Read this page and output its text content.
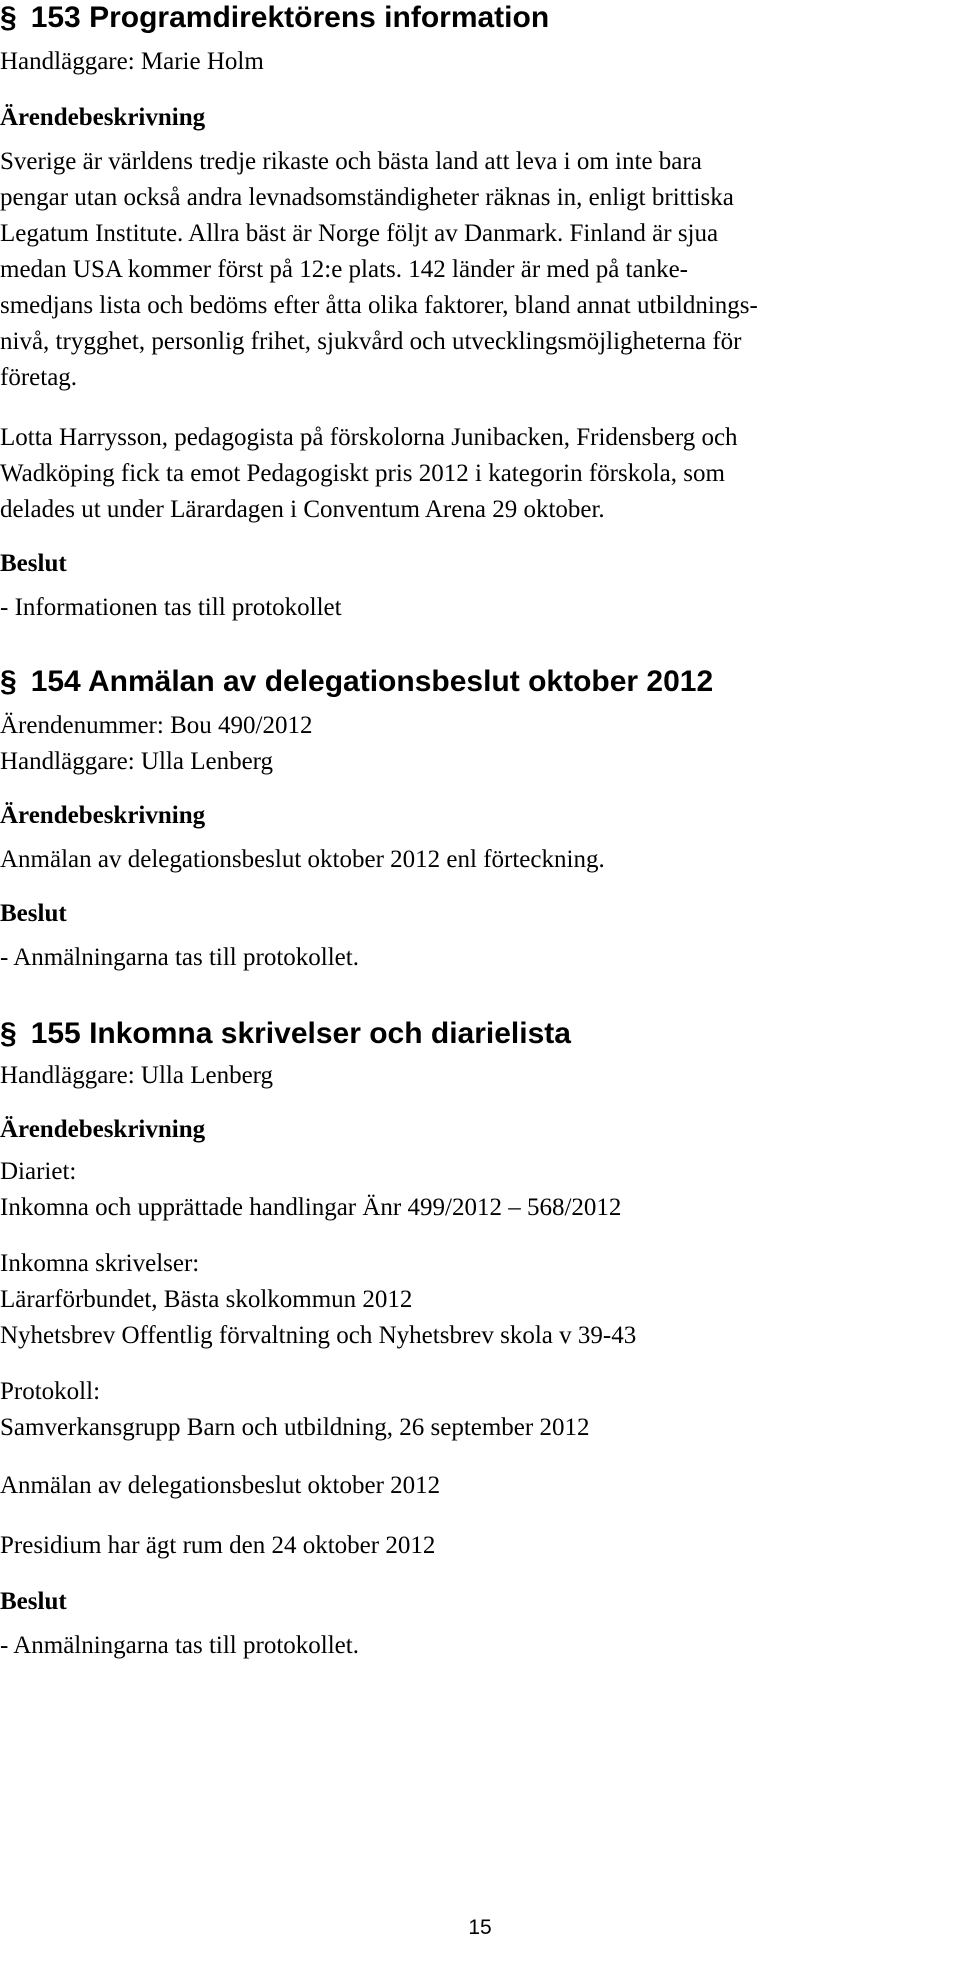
§ 153 Programdirektörens information

Handläggare: Marie Holm

Ärendebeskrivning

Sverige är världens tredje rikaste och bästa land att leva i om inte bara

pengar utan också andra levnadsomständigheter räknas in, enligt brittiska

Legatum Institute. Allra bäst är Norge följt av Danmark. Finland är sjua

medan USA kommer först på 12:e plats. 142 länder är med på tanke-

smedjans lista och bedöms efter åtta olika faktorer, bland annat utbildnings-

nivå, trygghet, personlig frihet, sjukvård och utvecklingsmöjligheterna för

företag.

Lotta Harrysson, pedagogista på förskolorna Junibacken, Fridensberg och

Wadköping fick ta emot Pedagogiskt pris 2012 i kategorin förskola, som

delades ut under Lärardagen i Conventum Arena 29 oktober.

Beslut

- Informationen tas till protokollet

§ 154 Anmälan av delegationsbeslut oktober 2012

Ärendenummer: Bou 490/2012

Handläggare: Ulla Lenberg

Ärendebeskrivning

Anmälan av delegationsbeslut oktober 2012 enl förteckning.

Beslut

- Anmälningarna tas till protokollet.

§ 155 Inkomna skrivelser och diarielista

Handläggare: Ulla Lenberg

Ärendebeskrivning

Diariet:

Inkomna och upprättade handlingar Änr 499/2012 – 568/2012

Inkomna skrivelser:

Lärarförbundet, Bästa skolkommun 2012

Nyhetsbrev Offentlig förvaltning och Nyhetsbrev skola v 39-43

Protokoll:

Samverkansgrupp Barn och utbildning, 26 september 2012

Anmälan av delegationsbeslut oktober 2012

Presidium har ägt rum den 24 oktober 2012

Beslut

- Anmälningarna tas till protokollet.

15
